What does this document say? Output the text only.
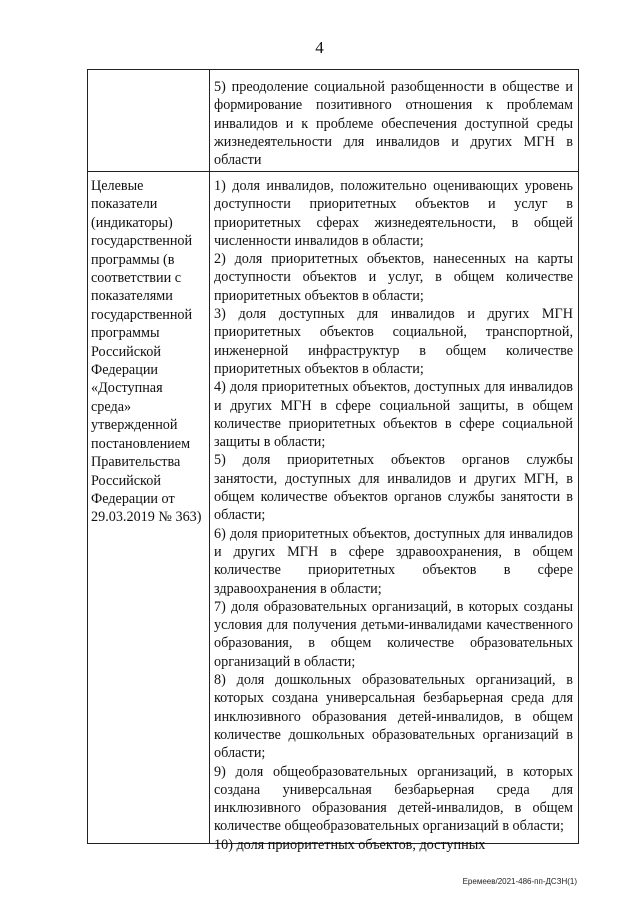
4
5) преодоление социальной разобщенности в обществе и формирование позитивного отношения к проблемам инвалидов и к проблеме обеспечения доступной среды жизнедеятельности для инвалидов и других МГН в области
Целевые показатели (индикаторы) государственной программы (в соответствии с показателями государственной программы Российской Федерации «Доступная среда» утвержденной постановлением Правительства Российской Федерации от 29.03.2019 № 363)

1) доля инвалидов, положительно оценивающих уровень доступности приоритетных объектов и услуг в приоритетных сферах жизнедеятельности, в общей численности инвалидов в области;

2) доля приоритетных объектов, нанесенных на карты доступности объектов и услуг, в общем количестве приоритетных объектов в области;

3) доля доступных для инвалидов и других МГН приоритетных объектов социальной, транспортной, инженерной инфраструктур в общем количестве приоритетных объектов в области;

4) доля приоритетных объектов, доступных для инвалидов и других МГН в сфере социальной защиты, в общем количестве приоритетных объектов в сфере социальной защиты в области;

5) доля приоритетных объектов органов службы занятости, доступных для инвалидов и других МГН, в общем количестве объектов органов службы занятости в области;

6) доля приоритетных объектов, доступных для инвалидов и других МГН в сфере здравоохранения, в общем количестве приоритетных объектов в сфере здравоохранения в области;

7) доля образовательных организаций, в которых созданы условия для получения детьми-инвалидами качественного образования, в общем количестве образовательных организаций в области;

8) доля дошкольных образовательных организаций, в которых создана универсальная безбарьерная среда для инклюзивного образования детей-инвалидов, в общем количестве дошкольных образовательных организаций в области;

9) доля общеобразовательных организаций, в которых создана универсальная безбарьерная среда для инклюзивного образования детей-инвалидов, в общем количестве общеобразовательных организаций в области;

10) доля приоритетных объектов, доступных

Еремеев/2021-486-пп-ДСЗН(1)
